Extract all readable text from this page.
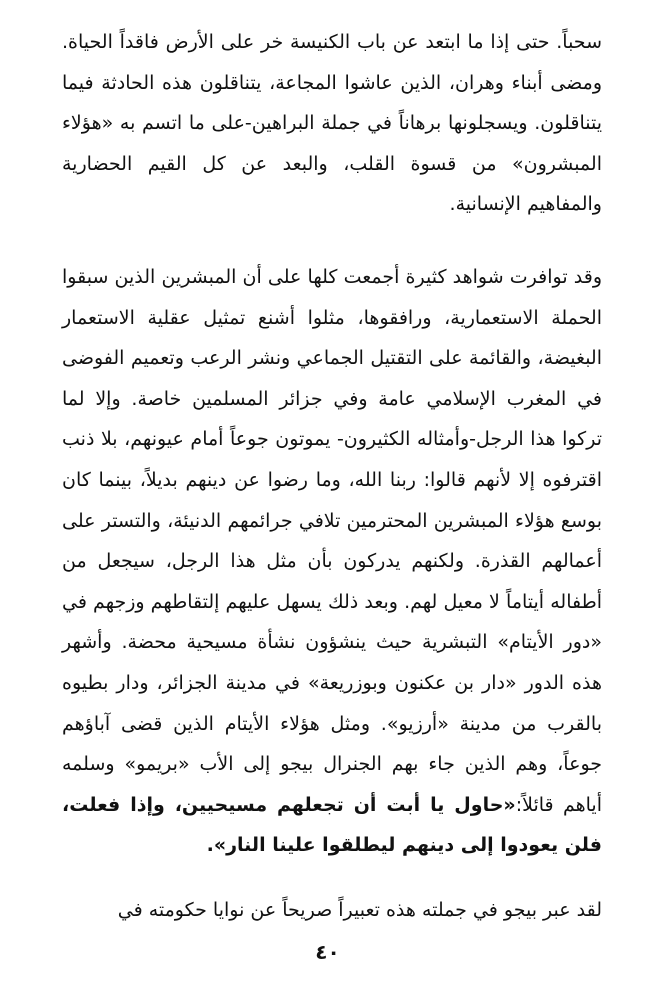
سحباً. حتى إذا ما ابتعد عن باب الكنيسة خر على الأرض فاقداً الحياة. ومضى أبناء وهران، الذين عاشوا المجاعة، يتناقلون هذه الحادثة فيما يتناقلون. ويسجلونها برهاناً في جملة البراهين-على ما اتسم به «هؤلاء المبشرون» من قسوة القلب، والبعد عن كل القيم الحضارية والمفاهيم الإنسانية.

وقد توافرت شواهد كثيرة أجمعت كلها على أن المبشرين الذين سبقوا الحملة الاستعمارية، ورافقوها، مثلوا أشنع تمثيل عقلية الاستعمار البغيضة، والقائمة على التقتيل الجماعي ونشر الرعب وتعميم الفوضى في المغرب الإسلامي عامة وفي جزائر المسلمين خاصة. وإلا لما تركوا هذا الرجل-وأمثاله الكثيرون- يموتون جوعاً أمام عيونهم، بلا ذنب اقترفوه إلا لأنهم قالوا: ربنا الله، وما رضوا عن دينهم بديلاً، بينما كان بوسع هؤلاء المبشرين المحترمين تلافي جرائمهم الدنيئة، والتستر على أعمالهم القذرة. ولكنهم يدركون بأن مثل هذا الرجل، سيجعل من أطفاله أيتاماً لا معيل لهم. وبعد ذلك يسهل عليهم إلتقاطهم وزجهم في «دور الأيتام» التبشرية حيث ينشؤون نشأة مسيحية محضة. وأشهر هذه الدور «دار بن عكنون وبوزريعة» في مدينة الجزائر، ودار بطيوه بالقرب من مدينة «أرزيو». ومثل هؤلاء الأيتام الذين قضى آباؤهم جوعاً، وهم الذين جاء بهم الجنرال بيجو إلى الأب «بريمو» وسلمه أياهم قائلاً:«حاول يا أبت أن تجعلهم مسيحيين، وإذا فعلت، فلن يعودوا إلى دينهم ليطلقوا علينا النار».

لقد عبر بيجو في جملته هذه تعبيراً صريحاً عن نوايا حكومته في

٤٠
